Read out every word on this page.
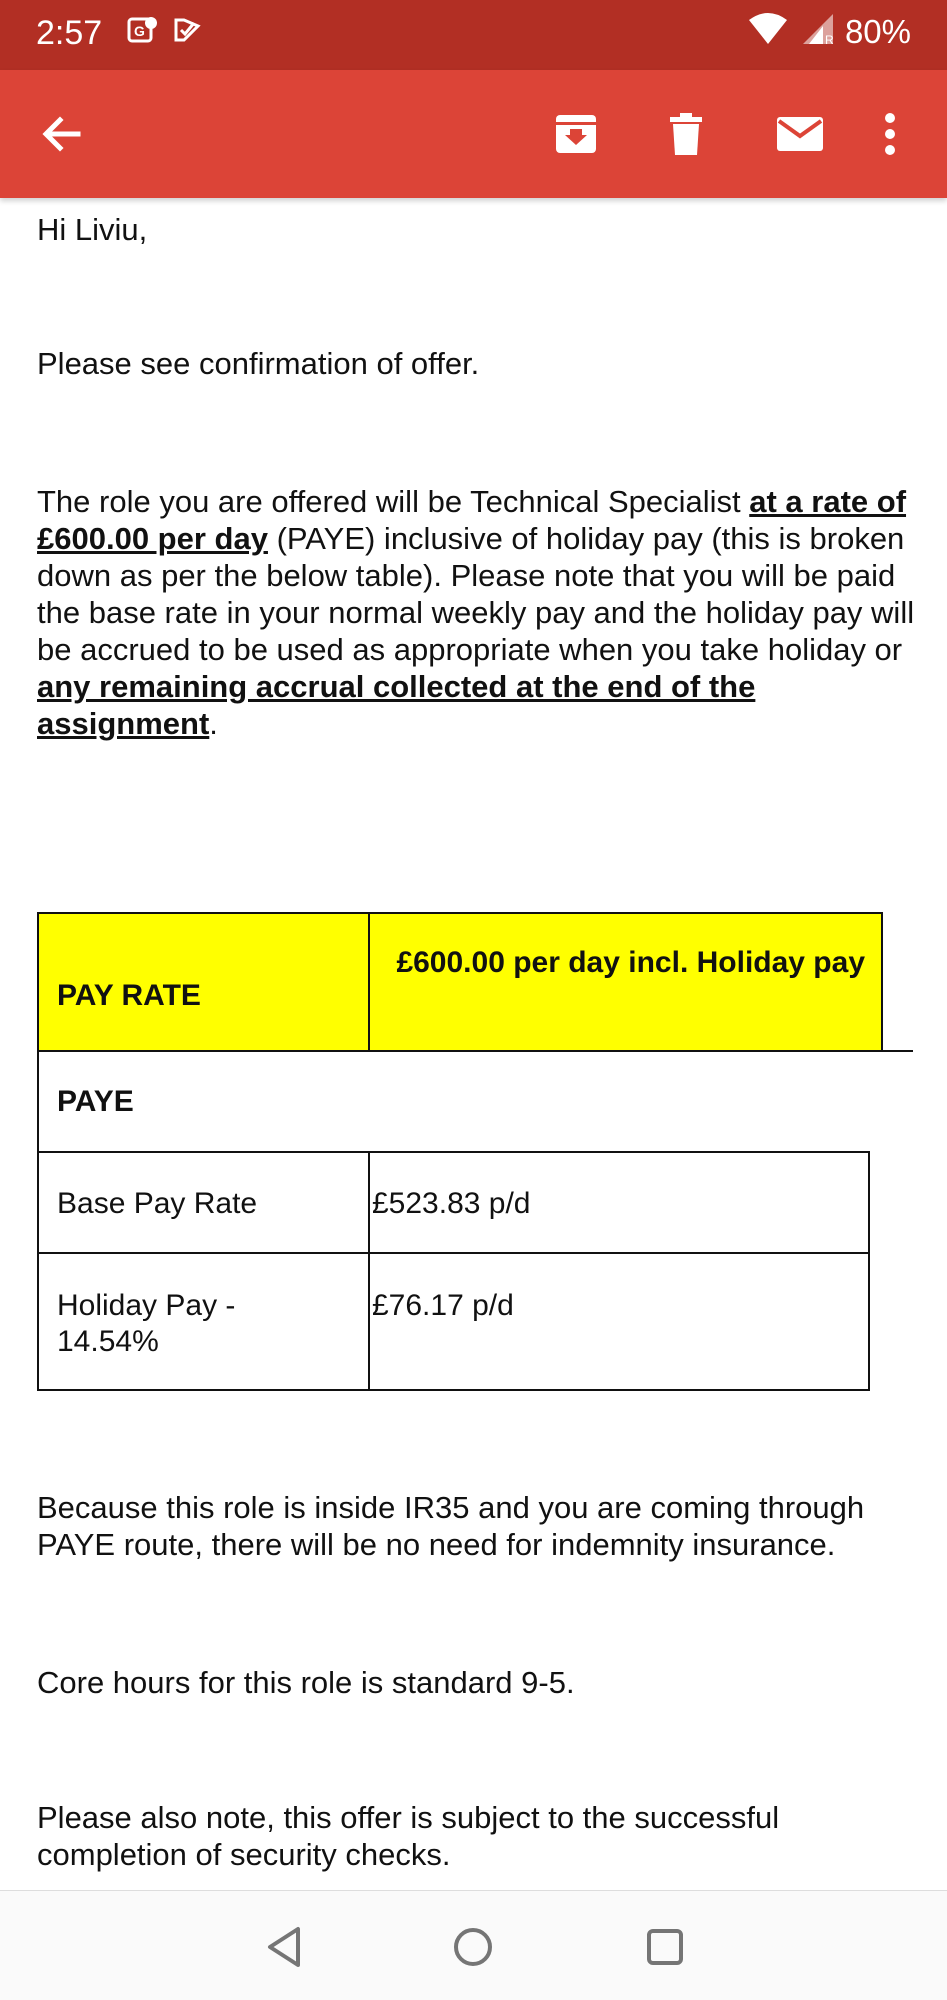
2:57 G
R 80%

Hi Liviu,

Please see confirmation of offer.

The role you are offered will be Technical Specialist at a rate of £600.00 per day (PAYE) inclusive of holiday pay (this is broken down as per the below table). Please note that you will be paid the base rate in your normal weekly pay and the holiday pay will be accrued to be used as appropriate when you take holiday or any remaining accrual collected at the end of the assignment.

PAY RATE
£600.00 per day incl. Holiday pay
PAYE
Base Pay Rate	£523.83 p/d
Holiday Pay - 14.54%
£76.17 p/d

Because this role is inside IR35 and you are coming through PAYE route, there will be no need for indemnity insurance.

Core hours for this role is standard 9-5.

Please also note, this offer is subject to the successful completion of security checks.
